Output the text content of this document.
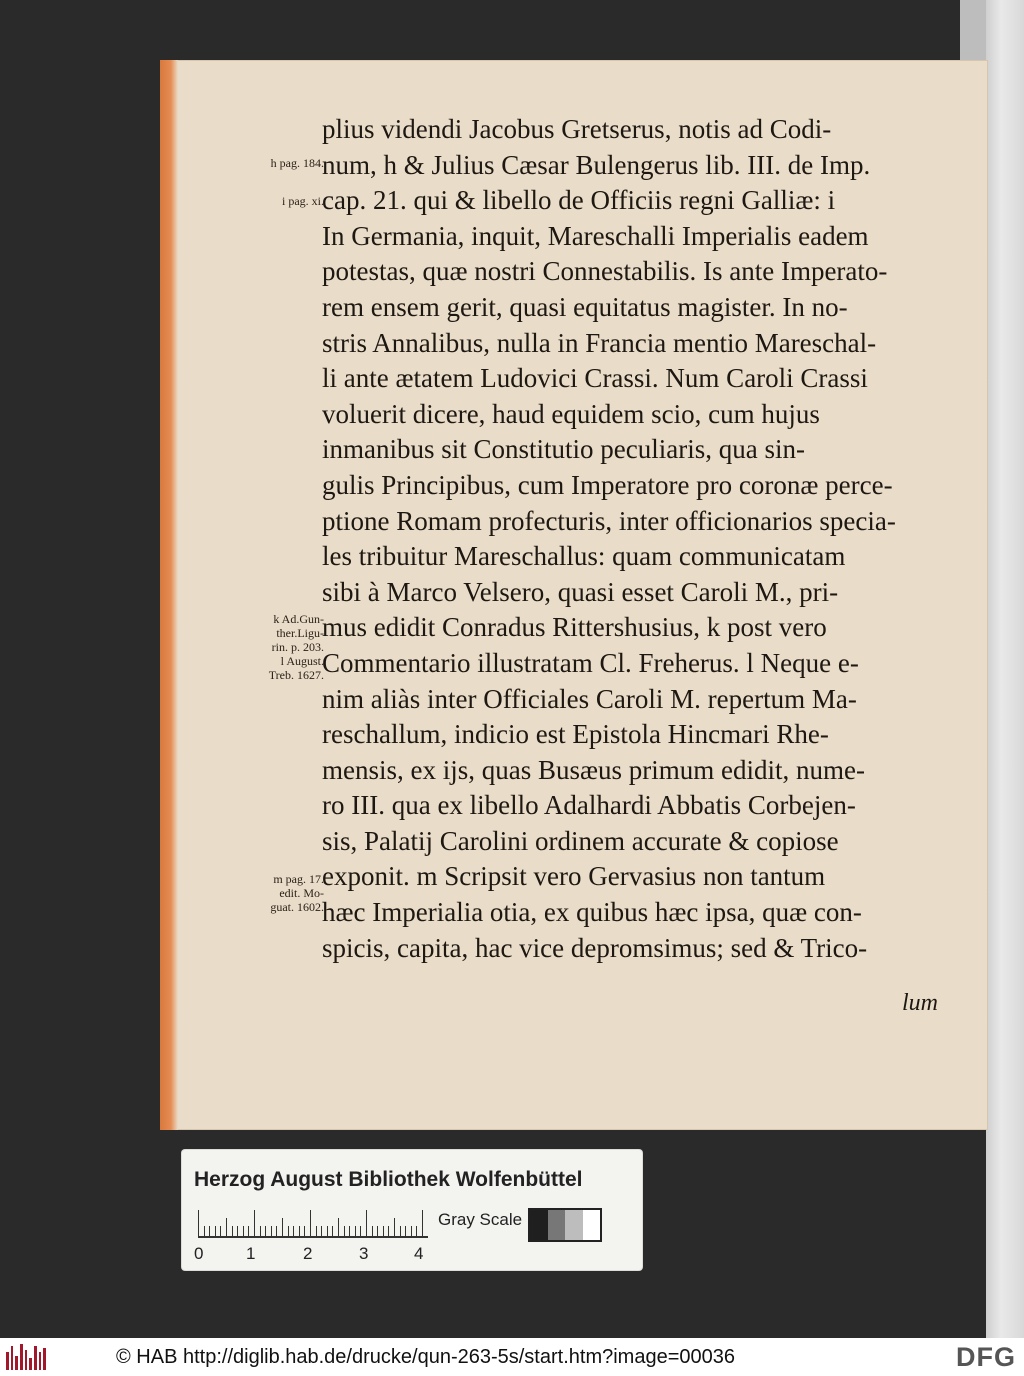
h pag. 184.
i pag. xi.
k Ad.Gun-
ther.Ligu-
rin. p. 203.
l August.
Treb. 1627.
m pag. 17.
edit. Mo-
guat. 1602.
plius videndi Jacobus Gretserus, notis ad Codi-
num, h & Julius Cæsar Bulengerus lib. III. de Imp.
cap. 21. qui & libello de Officiis regni Galliæ: i
In Germania, inquit, Mareschalli Imperialis eadem
potestas, quæ nostri Connestabilis. Is ante Imperato-
rem ensem gerit, quasi equitatus magister. In no-
stris Annalibus, nulla in Francia mentio Mareschal-
li ante ætatem Ludovici Crassi. Num Caroli Crassi
voluerit dicere, haud equidem scio, cum hujus
inmanibus sit Constitutio peculiaris, qua sin-
gulis Principibus, cum Imperatore pro coronæ perce-
ptione Romam profecturis, inter officionarios specia-
les tribuitur Mareschallus: quam communicatam
sibi à Marco Velsero, quasi esset Caroli M., pri-
mus edidit Conradus Rittershusius, k post vero
Commentario illustratam Cl. Freherus. l Neque e-
nim aliàs inter Officiales Caroli M. repertum Ma-
reschallum, indicio est Epistola Hincmari Rhe-
mensis, ex ijs, quas Busæus primum edidit, nume-
ro III. qua ex libello Adalhardi Abbatis Corbejen-
sis, Palatij Carolini ordinem accurate & copiose
exponit. m Scripsit vero Gervasius non tantum
hæc Imperialia otia, ex quibus hæc ipsa, quæ con-
spicis, capita, hac vice depromsimus; sed & Trico-
lum
Herzog August Bibliothek Wolfenbüttel
0	1	2	3	4
Gray Scale
© HAB http://diglib.hab.de/drucke/qun-263-5s/start.htm?image=00036	DFG
